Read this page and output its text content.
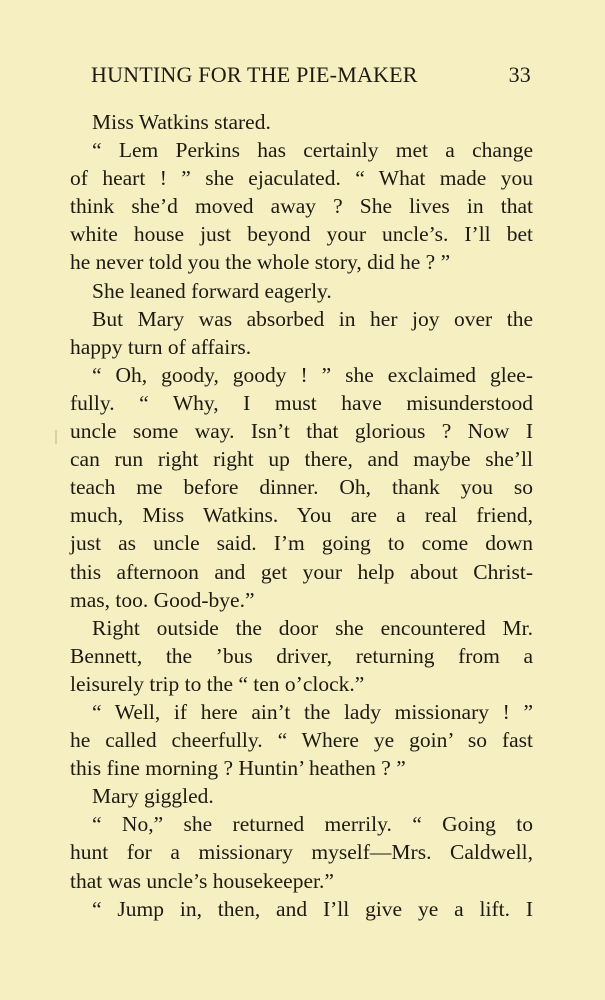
HUNTING FOR THE PIE-MAKER	33
Miss Watkins stared.
“ Lem Perkins has certainly met a change
of heart ! ” she ejaculated. “ What made you
think she’d moved away ? She lives in that
white house just beyond your uncle’s. I’ll bet
he never told you the whole story, did he ? ”
She leaned forward eagerly.
But Mary was absorbed in her joy over the
happy turn of affairs.
“ Oh, goody, goody ! ” she exclaimed glee-
fully. “ Why, I must have misunderstood
uncle some way. Isn’t that glorious ? Now I
can run right right up there, and maybe she’ll
teach me before dinner. Oh, thank you so
much, Miss Watkins. You are a real friend,
just as uncle said. I’m going to come down
this afternoon and get your help about Christ-
mas, too. Good-bye.”
Right outside the door she encountered Mr.
Bennett, the ’bus driver, returning from a
leisurely trip to the “ ten o’clock.”
“ Well, if here ain’t the lady missionary ! ”
he called cheerfully. “ Where ye goin’ so fast
this fine morning ? Huntin’ heathen ? ”
Mary giggled.
“ No,” she returned merrily. “ Going to
hunt for a missionary myself—Mrs. Caldwell,
that was uncle’s housekeeper.”
“ Jump in, then, and I’ll give ye a lift. I
